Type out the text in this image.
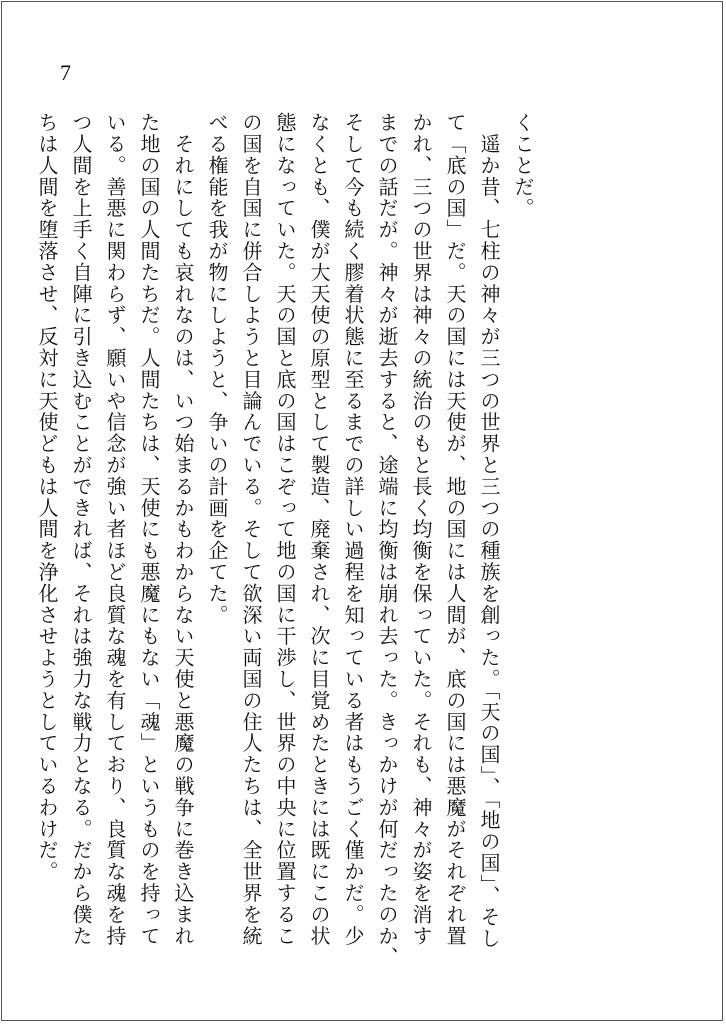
7
くことだ。
　遥か昔、七柱の神々が三つの世界と三つの種族を創った。「天の国」、「地の国」、そし
て「底の国」だ。天の国には天使が、地の国には人間が、底の国には悪魔がそれぞれ置
かれ、三つの世界は神々の統治のもと長く均衡を保っていた。それも、神々が姿を消す
までの話だが。神々が逝去すると、途端に均衡は崩れ去った。きっかけが何だったのか、
そして今も続く膠着状態に至るまでの詳しい過程を知っている者はもうごく僅かだ。少
なくとも、僕が大天使の原型として製造、廃棄され、次に目覚めたときには既にこの状
態になっていた。天の国と底の国はこぞって地の国に干渉し、世界の中央に位置するこ
の国を自国に併合しようと目論んでいる。そして欲深い両国の住人たちは、全世界を統
べる権能を我が物にしようと、争いの計画を企てた。
　それにしても哀れなのは、いつ始まるかもわからない天使と悪魔の戦争に巻き込まれ
た地の国の人間たちだ。人間たちは、天使にも悪魔にもない「魂」というものを持って
いる。善悪に関わらず、願いや信念が強い者ほど良質な魂を有しており、良質な魂を持
つ人間を上手く自陣に引き込むことができれば、それは強力な戦力となる。だから僕た
ちは人間を堕落させ、反対に天使どもは人間を浄化させようとしているわけだ。
